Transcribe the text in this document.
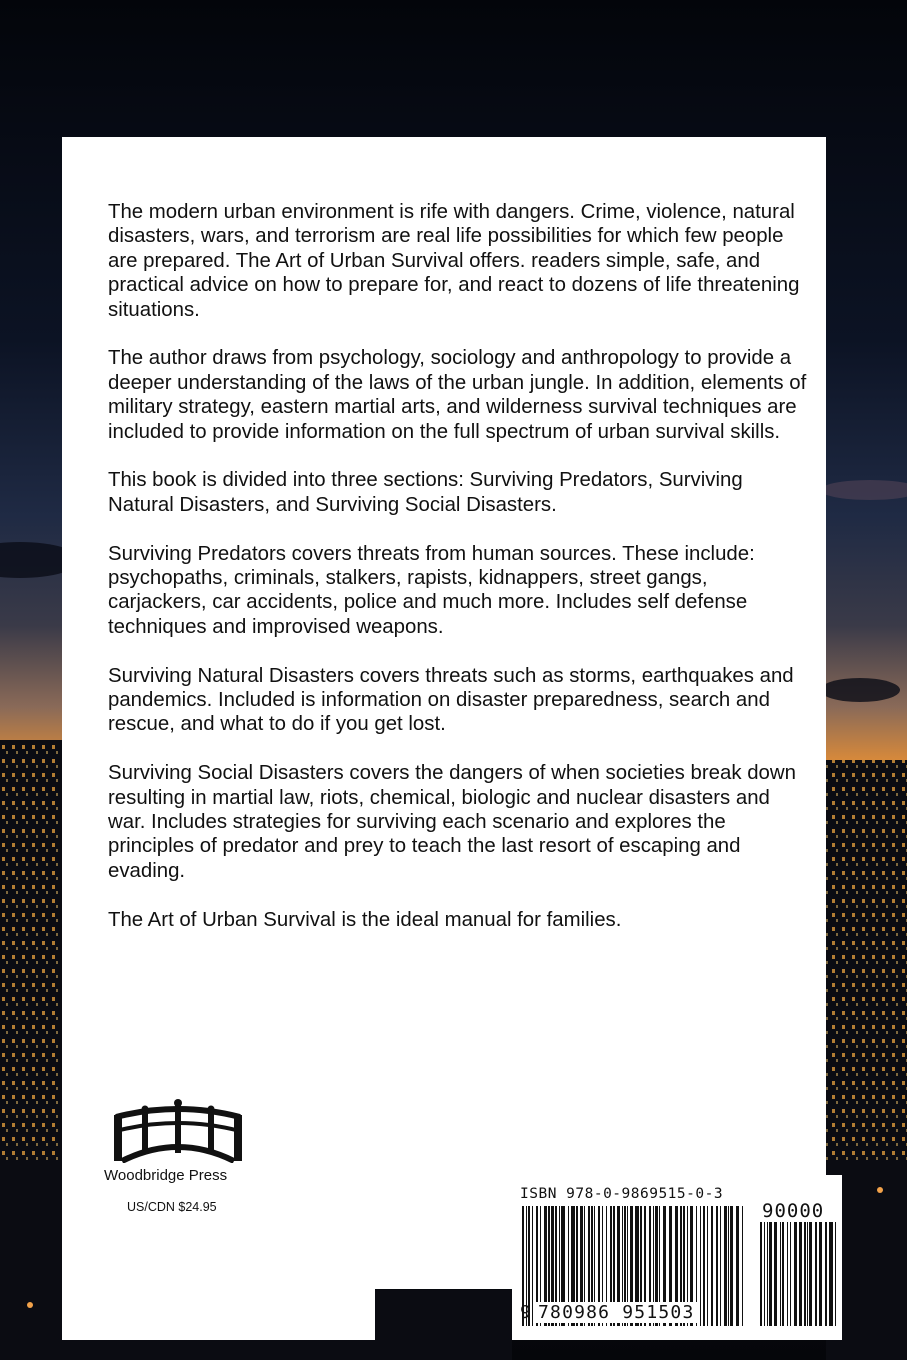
The modern urban environment is rife with dangers. Crime, violence, natural disasters, wars, and terrorism are real life possibilities for which few people are prepared. The Art of Urban Survival offers. readers simple, safe, and practical advice on how to prepare for, and react to dozens of life threatening situations.

The author draws from psychology, sociology and anthropology to provide a deeper understanding of the laws of the urban jungle. In addition, elements of military strategy, eastern martial arts, and wilderness survival techniques are included to provide information on the full spectrum of urban survival skills.

This book is divided into three sections: Surviving Predators, Surviving Natural Disasters, and Surviving Social Disasters.

Surviving Predators covers threats from human sources. These include: psychopaths, criminals, stalkers, rapists, kidnappers, street gangs, carjackers, car accidents, police and much more. Includes self defense techniques and improvised weapons.

Surviving Natural Disasters covers threats such as storms, earthquakes and pandemics. Included is information on disaster preparedness, search and rescue, and what to do if you get lost.

Surviving Social Disasters covers the dangers of when societies break down resulting in martial law, riots, chemical, biologic and nuclear disasters and war. Includes strategies for surviving each scenario and explores the principles of predator and prey to teach the last resort of escaping and evading.

The Art of Urban Survival is the ideal manual for families.

Woodbridge Press
US/CDN $24.95
ISBN 978-0-9869515-0-3
90000
9 780986 951503
